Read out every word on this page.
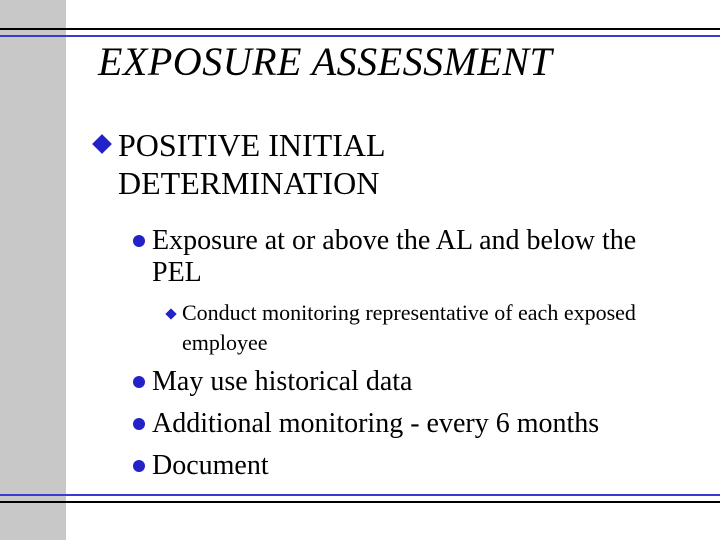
EXPOSURE ASSESSMENT
POSITIVE INITIAL
DETERMINATION
Exposure at or above the AL and below the
PEL
Conduct monitoring representative of each exposed
employee
May use historical data
Additional monitoring - every 6 months
Document
